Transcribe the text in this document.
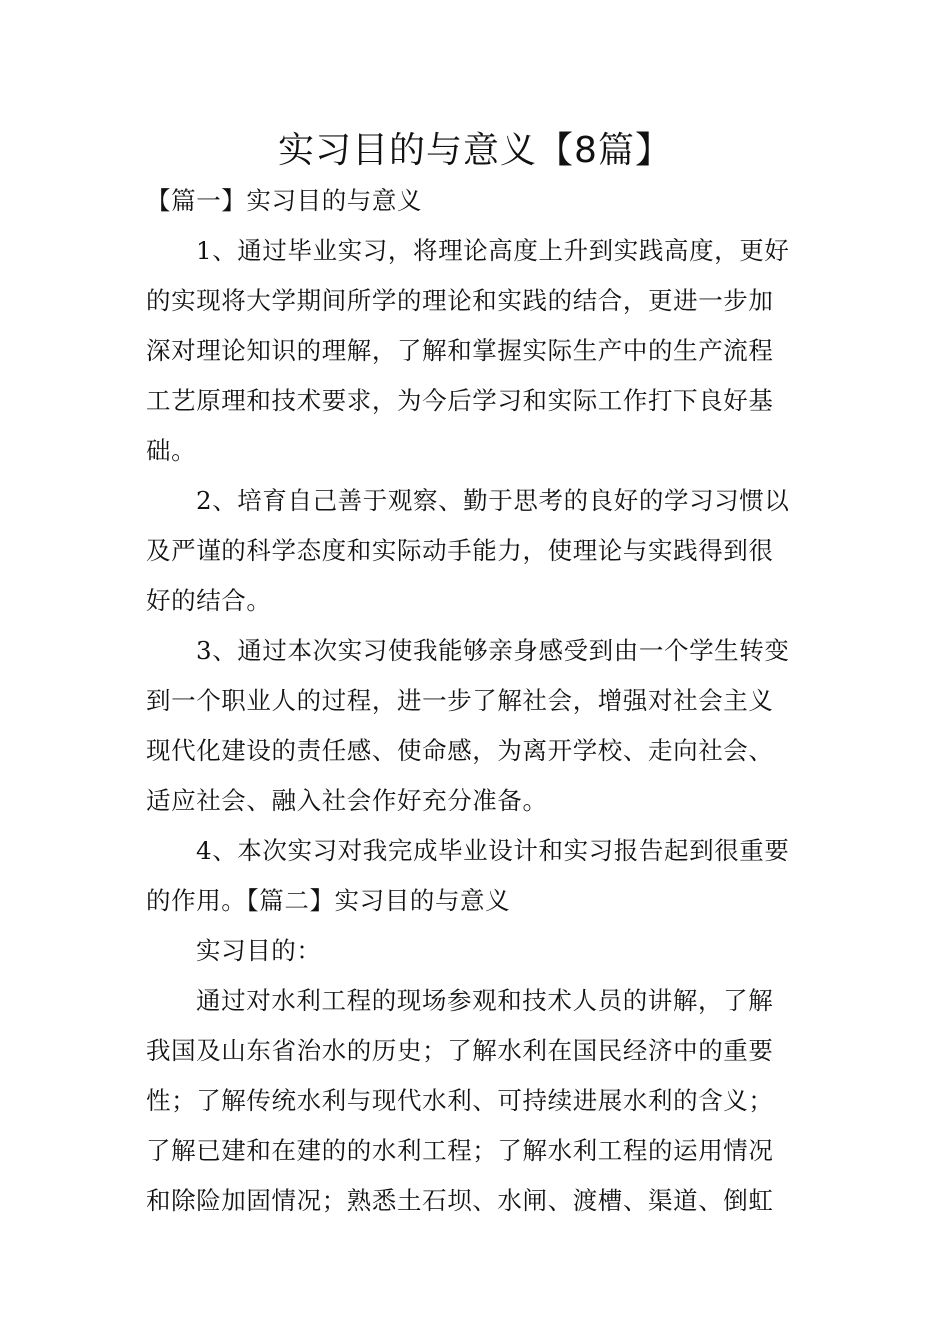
实习目的与意义【8篇】

【篇一】实习目的与意义

1、通过毕业实习，将理论高度上升到实践高度，更好

的实现将大学期间所学的理论和实践的结合，更进一步加

深对理论知识的理解，了解和掌握实际生产中的生产流程

工艺原理和技术要求，为今后学习和实际工作打下良好基

础。

2、培育自己善于观察、勤于思考的良好的学习习惯以

及严谨的科学态度和实际动手能力，使理论与实践得到很

好的结合。

3、通过本次实习使我能够亲身感受到由一个学生转变

到一个职业人的过程，进一步了解社会，增强对社会主义

现代化建设的责任感、使命感，为离开学校、走向社会、

适应社会、融入社会作好充分准备。

4、本次实习对我完成毕业设计和实习报告起到很重要

的作用。【篇二】实习目的与意义

实习目的：

通过对水利工程的现场参观和技术人员的讲解，了解

我国及山东省治水的历史；了解水利在国民经济中的重要

性；了解传统水利与现代水利、可持续进展水利的含义；

了解已建和在建的的水利工程；了解水利工程的运用情况

和除险加固情况；熟悉土石坝、水闸、渡槽、渠道、倒虹
